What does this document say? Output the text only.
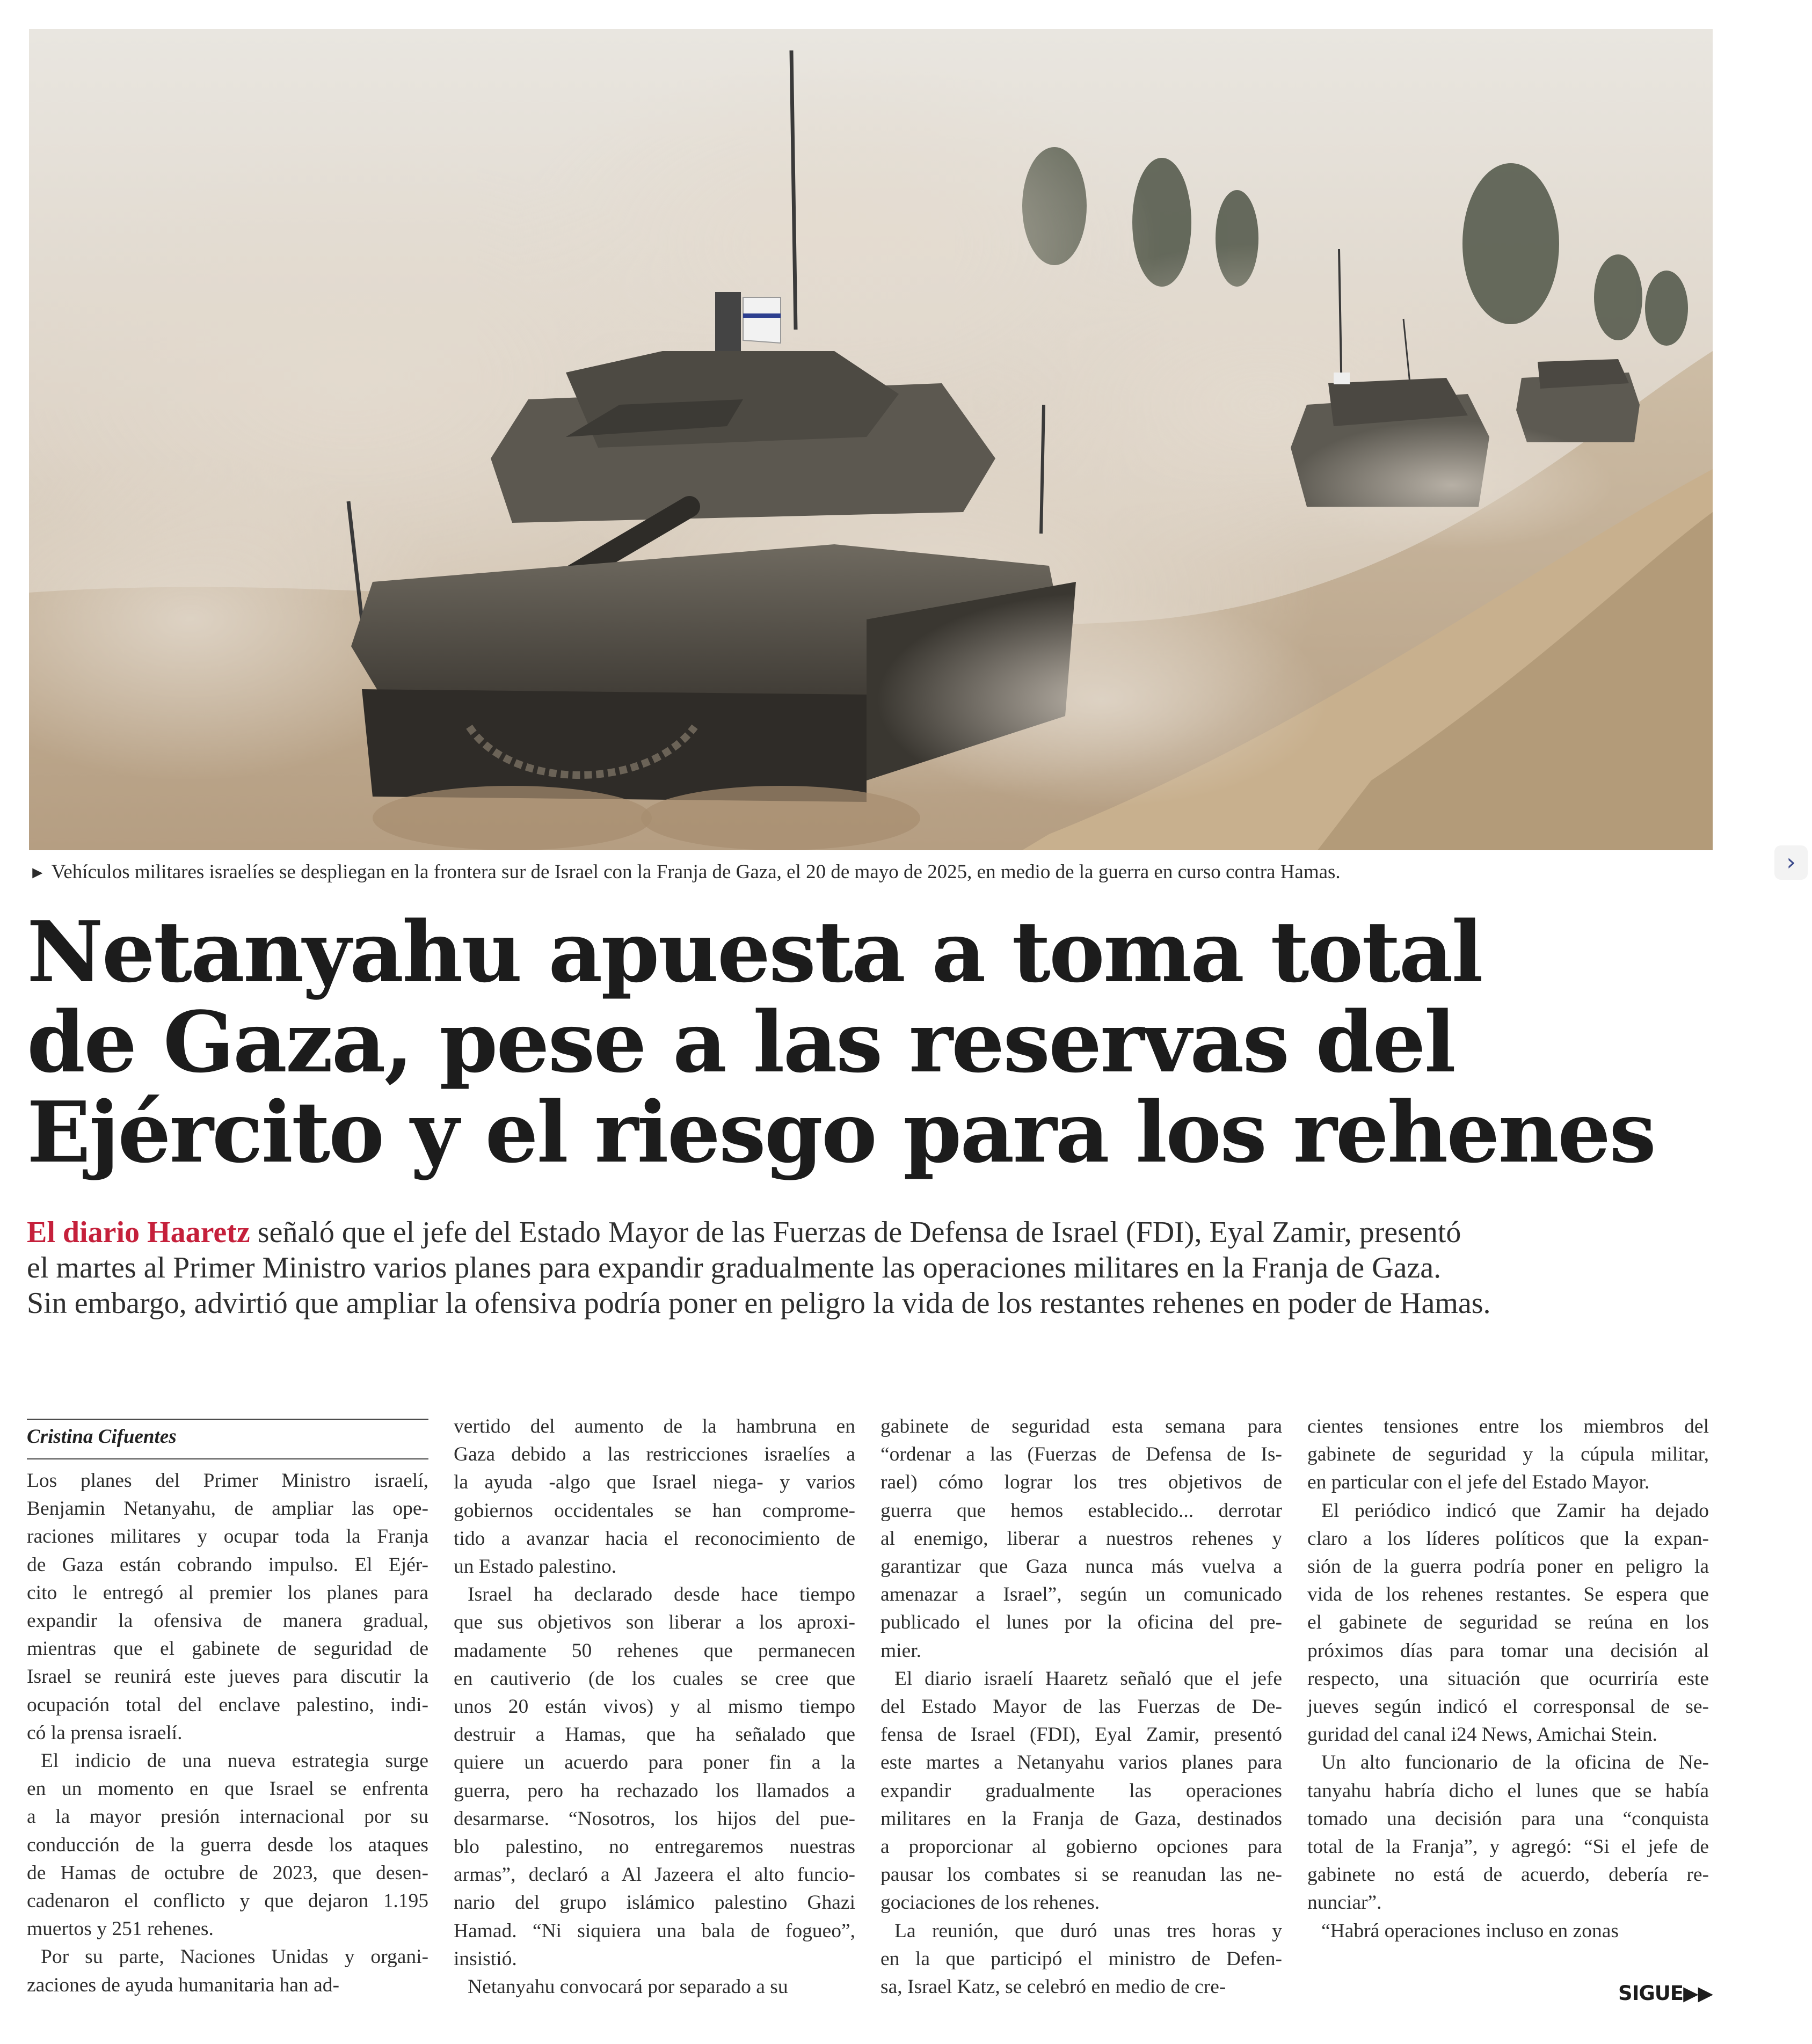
► Vehículos militares israelíes se despliegan en la frontera sur de Israel con la Franja de Gaza, el 20 de mayo de 2025, en medio de la guerra en curso contra Hamas.	›
Netanyahu apuesta a toma total
de Gaza, pese a las reservas del
Ejército y el riesgo para los rehenes
El diario Haaretz señaló que el jefe del Estado Mayor de las Fuerzas de Defensa de Israel (FDI), Eyal Zamir, presentó
el martes al Primer Ministro varios planes para expandir gradualmente las operaciones militares en la Franja de Gaza.
Sin embargo, advirtió que ampliar la ofensiva podría poner en peligro la vida de los restantes rehenes en poder de Hamas.
Cristina Cifuentes
Los planes del Primer Ministro israelí,
Benjamin Netanyahu, de ampliar las ope-
raciones militares y ocupar toda la Franja
de Gaza están cobrando impulso. El Ejér-
cito le entregó al premier los planes para
expandir la ofensiva de manera gradual,
mientras que el gabinete de seguridad de
Israel se reunirá este jueves para discutir la
ocupación total del enclave palestino, indi-
có la prensa israelí.
El indicio de una nueva estrategia surge
en un momento en que Israel se enfrenta
a la mayor presión internacional por su
conducción de la guerra desde los ataques
de Hamas de octubre de 2023, que desen-
cadenaron el conflicto y que dejaron 1.195
muertos y 251 rehenes.
Por su parte, Naciones Unidas y organi-
zaciones de ayuda humanitaria han ad-
vertido del aumento de la hambruna en
Gaza debido a las restricciones israelíes a
la ayuda -algo que Israel niega- y varios
gobiernos occidentales se han comprome-
tido a avanzar hacia el reconocimiento de
un Estado palestino.
Israel ha declarado desde hace tiempo
que sus objetivos son liberar a los aproxi-
madamente 50 rehenes que permanecen
en cautiverio (de los cuales se cree que
unos 20 están vivos) y al mismo tiempo
destruir a Hamas, que ha señalado que
quiere un acuerdo para poner fin a la
guerra, pero ha rechazado los llamados a
desarmarse. “Nosotros, los hijos del pue-
blo palestino, no entregaremos nuestras
armas”, declaró a Al Jazeera el alto funcio-
nario del grupo islámico palestino Ghazi
Hamad. “Ni siquiera una bala de fogueo”,
insistió.
Netanyahu convocará por separado a su
gabinete de seguridad esta semana para
“ordenar a las (Fuerzas de Defensa de Is-
rael) cómo lograr los tres objetivos de
guerra que hemos establecido... derrotar
al enemigo, liberar a nuestros rehenes y
garantizar que Gaza nunca más vuelva a
amenazar a Israel”, según un comunicado
publicado el lunes por la oficina del pre-
mier.
El diario israelí Haaretz señaló que el jefe
del Estado Mayor de las Fuerzas de De-
fensa de Israel (FDI), Eyal Zamir, presentó
este martes a Netanyahu varios planes para
expandir gradualmente las operaciones
militares en la Franja de Gaza, destinados
a proporcionar al gobierno opciones para
pausar los combates si se reanudan las ne-
gociaciones de los rehenes.
La reunión, que duró unas tres horas y
en la que participó el ministro de Defen-
sa, Israel Katz, se celebró en medio de cre-
cientes tensiones entre los miembros del
gabinete de seguridad y la cúpula militar,
en particular con el jefe del Estado Mayor.
El periódico indicó que Zamir ha dejado
claro a los líderes políticos que la expan-
sión de la guerra podría poner en peligro la
vida de los rehenes restantes. Se espera que
el gabinete de seguridad se reúna en los
próximos días para tomar una decisión al
respecto, una situación que ocurriría este
jueves según indicó el corresponsal de se-
guridad del canal i24 News, Amichai Stein.
Un alto funcionario de la oficina de Ne-
tanyahu habría dicho el lunes que se había
tomado una decisión para una “conquista
total de la Franja”, y agregó: “Si el jefe de
gabinete no está de acuerdo, debería re-
nunciar”.
“Habrá operaciones incluso en zonas
SIGUE▶▶
